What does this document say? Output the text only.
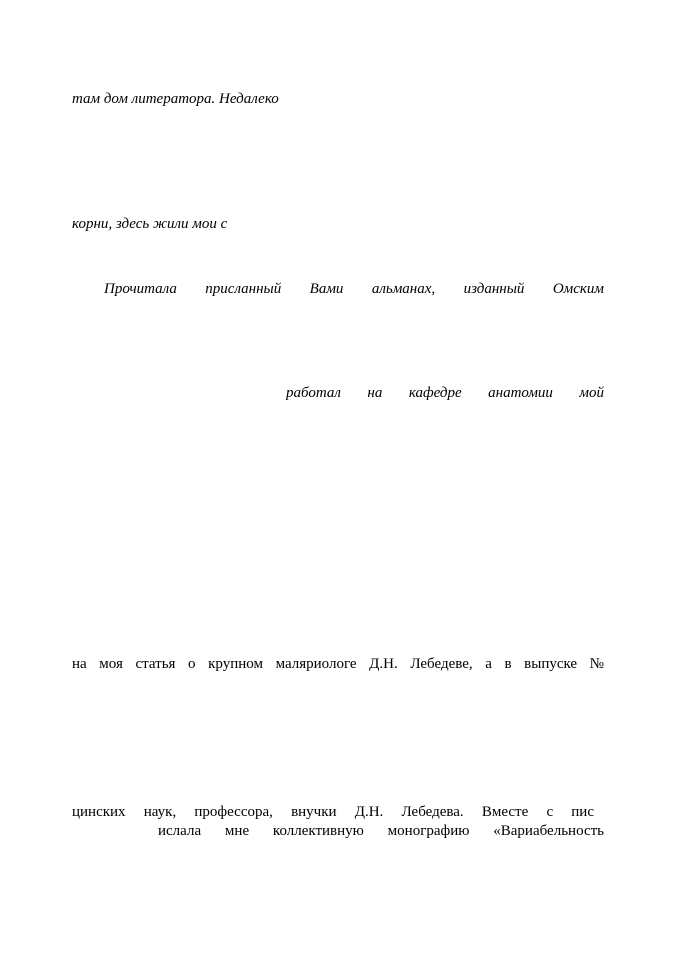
там дом литератора. Недалеко
корни, здесь жили мои с
Прочитала присланный Вами альманах, изданный Омским
работал на кафедре анатомии мой
на моя статья о крупном маляриологе Д.Н. Лебедеве, а в выпуске №
цинских наук, профессора, внучки Д.Н. Лебедева. Вместе с пис
ислала мне коллективную монографию «Вариабельность
